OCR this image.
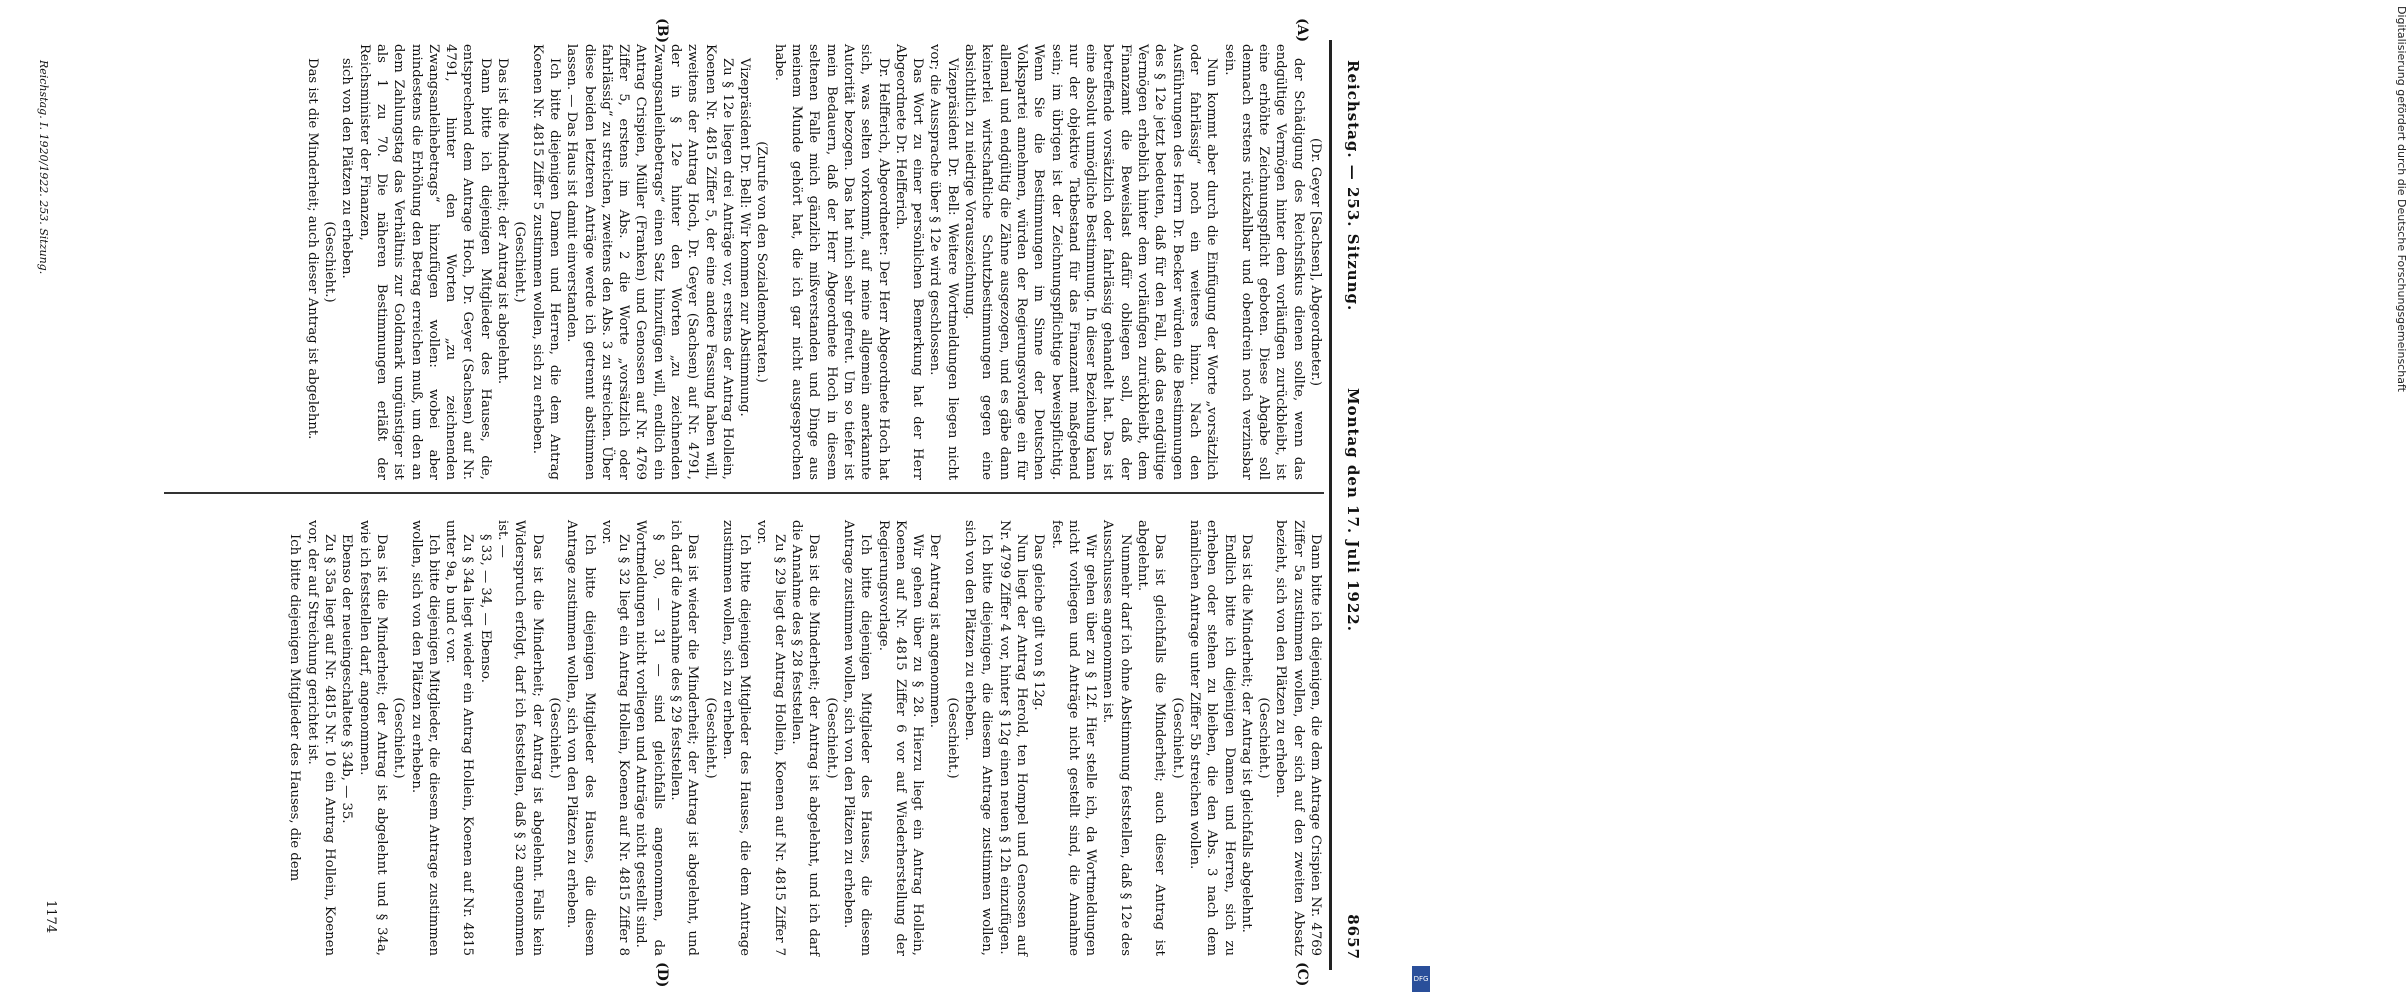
Reichstag. — 253. Sitzung.
Montag den 17. Juli 1922.
8657
(A)
(B)
(C)
(D)

(Dr. Geyer [Sachsen], Abgeordneter.)

der Schädigung des Reichsfiskus dienen sollte, wenn das endgültige Vermögen hinter dem vorläufigen zurückbleibt, ist eine erhöhte Zeichnungspflicht geboten. Diese Abgabe soll demnach erstens rückzahlbar und obendrein noch verzinsbar sein.

Nun kommt aber durch die Einfügung der Worte „vorsätzlich oder fahrlässig“ noch ein weiteres hinzu. Nach den Ausführungen des Herrn Dr. Becker würden die Bestimmungen des § 12e jetzt bedeuten, daß für den Fall, daß das endgültige Vermögen erheblich hinter dem vorläufigen zurückbleibt, dem Finanzamt die Beweislast dafür obliegen soll, daß der betreffende vorsätzlich oder fahrlässig gehandelt hat. Das ist eine absolut unmögliche Bestimmung. In dieser Beziehung kann nur der objektive Tatbestand für das Finanzamt maßgebend sein; im übrigen ist der Zeichnungspflichtige beweispflichtig. Wenn Sie die Bestimmungen im Sinne der Deutschen Volkspartei annehmen, würden der Regierungsvorlage ein für allemal und endgültig die Zähne ausgezogen, und es gäbe dann keinerlei wirtschaftliche Schutzbestimmungen gegen eine absichtlich zu niedrige Vorauszeichnung.

Vizepräsident Dr. Bell: Weitere Wortmeldungen liegen nicht vor; die Aussprache über § 12e wird geschlossen.

Das Wort zu einer persönlichen Bemerkung hat der Herr Abgeordnete Dr. Helfferich.

Dr. Helfferich, Abgeordneter: Der Herr Abgeordnete Hoch hat sich, was selten vorkommt, auf meine allgemein anerkannte Autorität bezogen. Das hat mich sehr gefreut. Um so tiefer ist mein Bedauern, daß der Herr Abgeordnete Hoch in diesem seltenen Falle mich gänzlich mißverstanden und Dinge aus meinem Munde gehört hat, die ich gar nicht ausgesprochen habe.

(Zurufe von den Sozialdemokraten.)

Vizepräsident Dr. Bell: Wir kommen zur Abstimmung.

Zu § 12e liegen drei Anträge vor, erstens der Antrag Hollein, Koenen Nr. 4815 Ziffer 5, der eine andere Fassung haben will, zweitens der Antrag Hoch, Dr. Geyer (Sachsen) auf Nr. 4791, der in § 12e hinter den Worten „zu zeichnenden Zwangsanleihebetrags“ einen Satz hinzufügen will, endlich ein Antrag Crispien, Müller (Franken) und Genossen auf Nr. 4769 Ziffer 5, erstens im Abs. 2 die Worte „vorsätzlich oder fahrlässig“ zu streichen, zweitens den Abs. 3 zu streichen. Über diese beiden letzteren Anträge werde ich getrennt abstimmen lassen. — Das Haus ist damit einverstanden.

Ich bitte diejenigen Damen und Herren, die dem Antrag Koenen Nr. 4815 Ziffer 5 zustimmen wollen, sich zu erheben.

(Geschieht.)

Das ist die Minderheit; der Antrag ist abgelehnt.

Dann bitte ich diejenigen Mitglieder des Hauses, die, entsprechend dem Antrage Hoch, Dr. Geyer (Sachsen) auf Nr. 4791, hinter den Worten „zu zeichnenden Zwangsanleihebetrags“ hinzufügen wollen: wobei aber mindestens die Erhöhung den Betrag erreichen muß, um den an dem Zahlungstag das Verhältnis zur Goldmark ungünstiger ist als 1 zu 70. Die näheren Bestimmungen erläßt der Reichsminister der Finanzen,

sich von den Plätzen zu erheben.

(Geschieht.)

Das ist die Minderheit; auch dieser Antrag ist abgelehnt.

Dann bitte ich diejenigen, die dem Antrage Crispien Nr. 4769 Ziffer 5a zustimmen wollen, der sich auf den zweiten Absatz bezieht, sich von den Plätzen zu erheben.

(Geschieht.)

Das ist die Minderheit; der Antrag ist gleichfalls abgelehnt.

Endlich bitte ich diejenigen Damen und Herren, sich zu erheben oder stehen zu bleiben, die den Abs. 3 nach dem nämlichen Antrage unter Ziffer 5b streichen wollen.

(Geschieht.)

Das ist gleichfalls die Minderheit; auch dieser Antrag ist abgelehnt.

Nunmehr darf ich ohne Abstimmung feststellen, daß § 12e des Ausschusses angenommen ist.

Wir gehen über zu § 12f. Hier stelle ich, da Wortmeldungen nicht vorliegen und Anträge nicht gestellt sind, die Annahme fest.

Das gleiche gilt von § 12g.

Nun liegt der Antrag Herold, ten Hompel und Genossen auf Nr. 4799 Ziffer 4 vor, hinter § 12g einen neuen § 12h einzufügen.

Ich bitte diejenigen, die diesem Antrage zustimmen wollen, sich von den Plätzen zu erheben.

(Geschieht.)

Der Antrag ist angenommen.

Wir gehen über zu § 28. Hierzu liegt ein Antrag Hollein, Koenen auf Nr. 4815 Ziffer 6 vor auf Wiederherstellung der Regierungsvorlage.

Ich bitte diejenigen Mitglieder des Hauses, die diesem Antrage zustimmen wollen, sich von den Plätzen zu erheben.

(Geschieht.)

Das ist die Minderheit; der Antrag ist abgelehnt, und ich darf die Annahme des § 28 feststellen.

Zu § 29 liegt der Antrag Hollein, Koenen auf Nr. 4815 Ziffer 7 vor.

Ich bitte diejenigen Mitglieder des Hauses, die dem Antrage zustimmen wollen, sich zu erheben.

(Geschieht.)

Das ist wieder die Minderheit; der Antrag ist abgelehnt, und ich darf die Annahme des § 29 feststellen.

§ 30, — 31 — sind gleichfalls angenommen, da Wortmeldungen nicht vorliegen und Anträge nicht gestellt sind.

Zu § 32 liegt ein Antrag Hollein, Koenen auf Nr. 4815 Ziffer 8 vor.

Ich bitte diejenigen Mitglieder des Hauses, die diesem Antrage zustimmen wollen, sich von den Plätzen zu erheben.

(Geschieht.)

Das ist die Minderheit; der Antrag ist abgelehnt. Falls kein Widerspruch erfolgt, darf ich feststellen, daß § 32 angenommen ist. —

§ 33, — 34, — Ebenso.

Zu § 34a liegt wieder ein Antrag Hollein, Koenen auf Nr. 4815 unter 9a, b und c vor.

Ich bitte diejenigen Mitglieder, die diesem Antrage zustimmen wollen, sich von den Plätzen zu erheben.

(Geschieht.)

Das ist die Minderheit; der Antrag ist abgelehnt und § 34a, wie ich feststellen darf, angenommen.

Ebenso der neueingeschaltete § 34b, — 35.

Zu § 35a liegt auf Nr. 4815 Nr. 10 ein Antrag Hollein, Koenen vor, der auf Streichung gerichtet ist.

Ich bitte diejenigen Mitglieder des Hauses, die dem

Reichstag. I. 1920/1922. 253. Sitzung.
1174
Digitalisierung gefördert durch die Deutsche Forschungsgemeinschaft
DFG
